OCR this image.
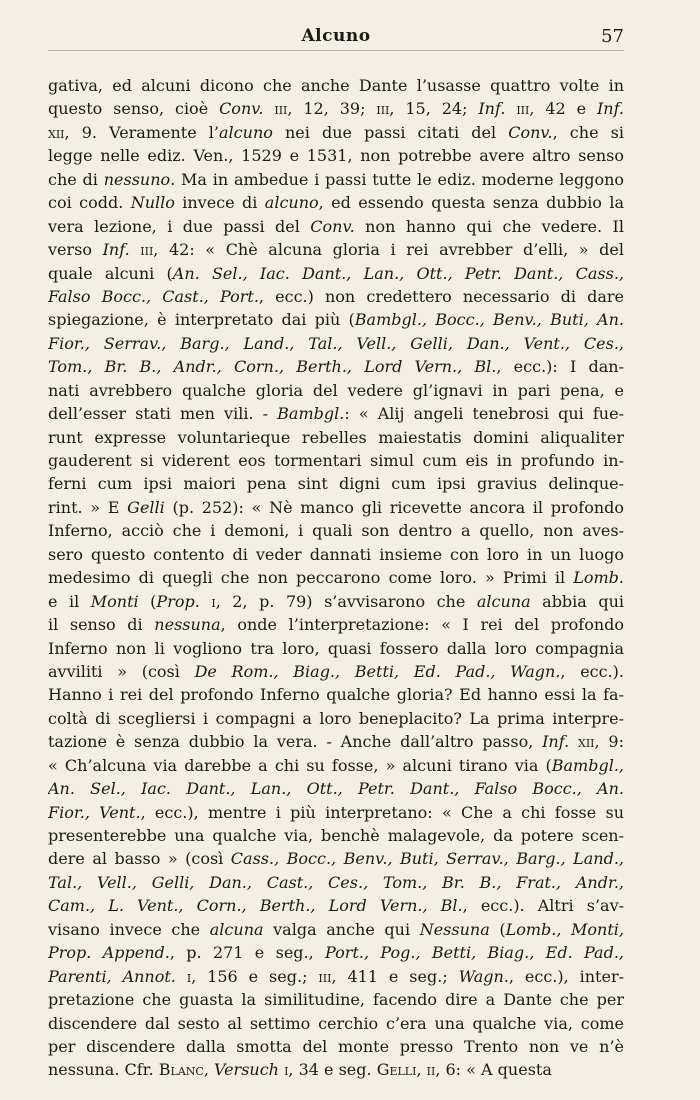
Alcuno	57
gativa, ed alcuni dicono che anche Dante l’usasse quattro volte in
questo senso, cioè Conv. iii, 12, 39; iii, 15, 24; Inf. iii, 42 e Inf.
xii, 9. Veramente l’alcuno nei due passi citati del Conv., che si
legge nelle ediz. Ven., 1529 e 1531, non potrebbe avere altro senso
che di nessuno. Ma in ambedue i passi tutte le ediz. moderne leggono
coi codd. Nullo invece di alcuno, ed essendo questa senza dubbio la
vera lezione, i due passi del Conv. non hanno qui che vedere. Il
verso Inf. iii, 42: « Chè alcuna gloria i rei avrebber d’elli, » del
quale alcuni (An. Sel., Iac. Dant., Lan., Ott., Petr. Dant., Cass.,
Falso Bocc., Cast., Port., ecc.) non credettero necessario di dare
spiegazione, è interpretato dai più (Bambgl., Bocc., Benv., Buti, An.
Fior., Serrav., Barg., Land., Tal., Vell., Gelli, Dan., Vent., Ces.,
Tom., Br. B., Andr., Corn., Berth., Lord Vern., Bl., ecc.): I dan-
nati avrebbero qualche gloria del vedere gl’ignavi in pari pena, e
dell’esser stati men vili. - Bambgl.: « Alij angeli tenebrosi qui fue-
runt expresse voluntarieque rebelles maiestatis domini aliqualiter
gauderent si viderent eos tormentari simul cum eis in profundo in-
ferni cum ipsi maiori pena sint digni cum ipsi gravius delinque-
rint. » E Gelli (p. 252): « Nè manco gli ricevette ancora il profondo
Inferno, acciò che i demoni, i quali son dentro a quello, non aves-
sero questo contento di veder dannati insieme con loro in un luogo
medesimo di quegli che non peccarono come loro. » Primi il Lomb.
e il Monti (Prop. i, 2, p. 79) s’avvisarono che alcuna abbia qui
il senso di nessuna, onde l’interpretazione: « I rei del profondo
Inferno non li vogliono tra loro, quasi fossero dalla loro compagnia
avviliti » (così De Rom., Biag., Betti, Ed. Pad., Wagn., ecc.).
Hanno i rei del profondo Inferno qualche gloria? Ed hanno essi la fa-
coltà di scegliersi i compagni a loro beneplacito? La prima interpre-
tazione è senza dubbio la vera. - Anche dall’altro passo, Inf. xii, 9:
« Ch’alcuna via darebbe a chi su fosse, » alcuni tirano via (Bambgl.,
An. Sel., Iac. Dant., Lan., Ott., Petr. Dant., Falso Bocc., An.
Fior., Vent., ecc.), mentre i più interpretano: « Che a chi fosse su
presenterebbe una qualche via, benchè malagevole, da potere scen-
dere al basso » (così Cass., Bocc., Benv., Buti, Serrav., Barg., Land.,
Tal., Vell., Gelli, Dan., Cast., Ces., Tom., Br. B., Frat., Andr.,
Cam., L. Vent., Corn., Berth., Lord Vern., Bl., ecc.). Altri s’av-
visano invece che alcuna valga anche qui Nessuna (Lomb., Monti,
Prop. Append., p. 271 e seg., Port., Pog., Betti, Biag., Ed. Pad.,
Parenti, Annot. i, 156 e seg.; iii, 411 e seg.; Wagn., ecc.), inter-
pretazione che guasta la similitudine, facendo dire a Dante che per
discendere dal sesto al settimo cerchio c’era una qualche via, come
per discendere dalla smotta del monte presso Trento non ve n’è
nessuna. Cfr. Blanc, Versuch i, 34 e seg. Gelli, ii, 6: « A questa
